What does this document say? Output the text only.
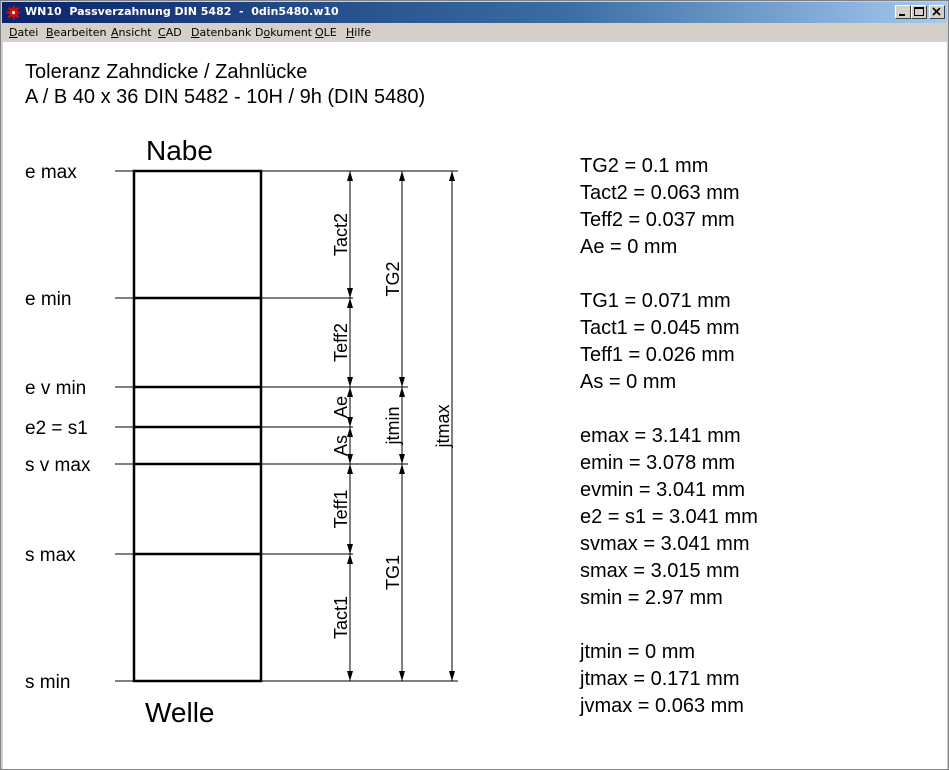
WN10 Passverzahnung DIN 5482  -  0din5480.w10
Datei Bearbeiten Ansicht CAD Datenbank Dokument OLE Hilfe
Toleranz Zahndicke / Zahnlücke
A / B 40 x 36 DIN 5482 - 10H / 9h (DIN 5480)
Nabe
Welle
e max
e min
e v min
e2 = s1
s v max
s max
s min
Tact2
Teff2
Ae
As
Teff1
Tact1
TG2
jtmin
TG1
jtmax
TG2 = 0.1 mm
Tact2 = 0.063 mm
Teff2 = 0.037 mm
Ae = 0 mm
TG1 = 0.071 mm
Tact1 = 0.045 mm
Teff1 = 0.026 mm
As = 0 mm
emax = 3.141 mm
emin = 3.078 mm
evmin = 3.041 mm
e2 = s1 = 3.041 mm
svmax = 3.041 mm
smax = 3.015 mm
smin = 2.97 mm
jtmin = 0 mm
jtmax = 0.171 mm
jvmax = 0.063 mm
